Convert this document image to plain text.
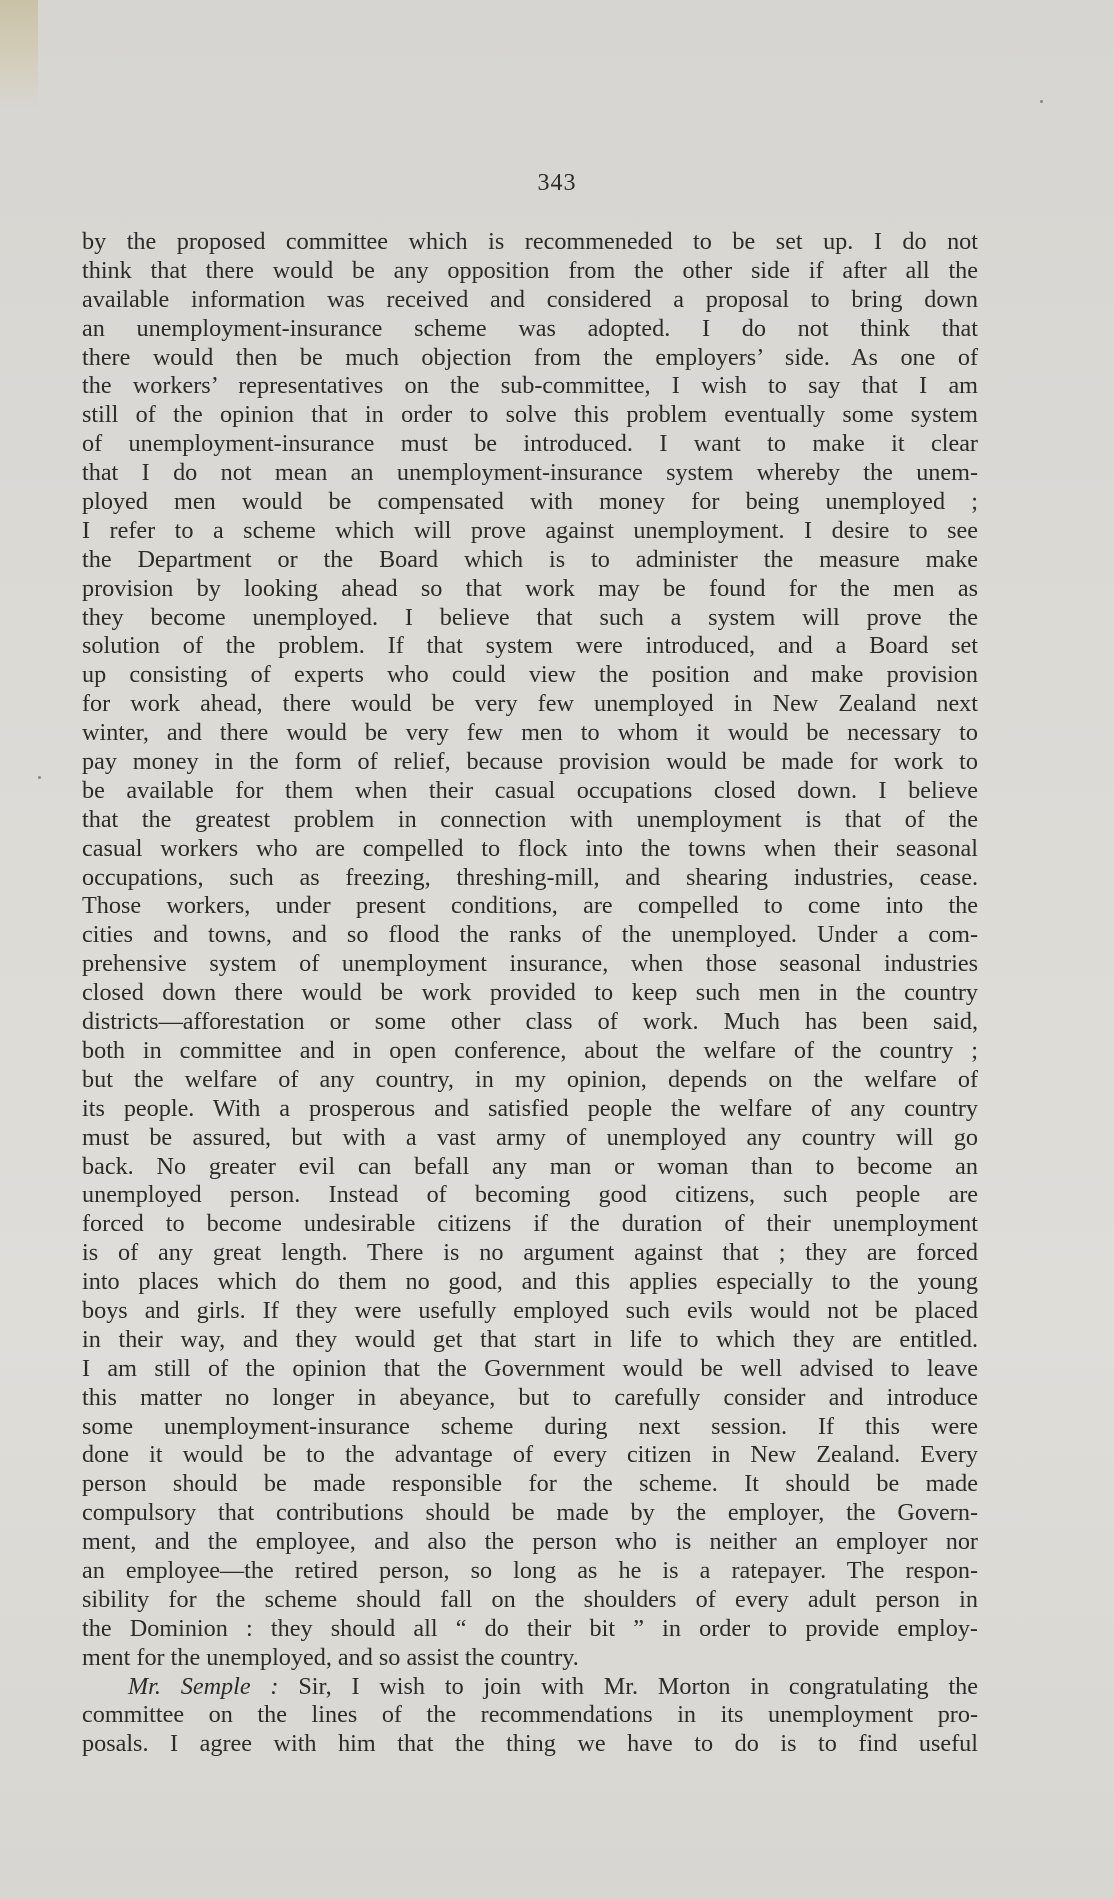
343
by the proposed committee which is recommeneded to be set up. I do not
think that there would be any opposition from the other side if after all the
available information was received and considered a proposal to bring down
an unemployment-insurance scheme was adopted. I do not think that
there would then be much objection from the employers’ side. As one of
the workers’ representatives on the sub-committee, I wish to say that I am
still of the opinion that in order to solve this problem eventually some system
of unemployment-insurance must be introduced. I want to make it clear
that I do not mean an unemployment-insurance system whereby the unem-
ployed men would be compensated with money for being unemployed ;
I refer to a scheme which will prove against unemployment. I desire to see
the Department or the Board which is to administer the measure make
provision by looking ahead so that work may be found for the men as
they become unemployed. I believe that such a system will prove the
solution of the problem. If that system were introduced, and a Board set
up consisting of experts who could view the position and make provision
for work ahead, there would be very few unemployed in New Zealand next
winter, and there would be very few men to whom it would be necessary to
pay money in the form of relief, because provision would be made for work to
be available for them when their casual occupations closed down. I believe
that the greatest problem in connection with unemployment is that of the
casual workers who are compelled to flock into the towns when their seasonal
occupations, such as freezing, threshing-mill, and shearing industries, cease.
Those workers, under present conditions, are compelled to come into the
cities and towns, and so flood the ranks of the unemployed. Under a com-
prehensive system of unemployment insurance, when those seasonal industries
closed down there would be work provided to keep such men in the country
districts—afforestation or some other class of work. Much has been said,
both in committee and in open conference, about the welfare of the country ;
but the welfare of any country, in my opinion, depends on the welfare of
its people. With a prosperous and satisfied people the welfare of any country
must be assured, but with a vast army of unemployed any country will go
back. No greater evil can befall any man or woman than to become an
unemployed person. Instead of becoming good citizens, such people are
forced to become undesirable citizens if the duration of their unemployment
is of any great length. There is no argument against that ; they are forced
into places which do them no good, and this applies especially to the young
boys and girls. If they were usefully employed such evils would not be placed
in their way, and they would get that start in life to which they are entitled.
I am still of the opinion that the Government would be well advised to leave
this matter no longer in abeyance, but to carefully consider and introduce
some unemployment-insurance scheme during next session. If this were
done it would be to the advantage of every citizen in New Zealand. Every
person should be made responsible for the scheme. It should be made
compulsory that contributions should be made by the employer, the Govern-
ment, and the employee, and also the person who is neither an employer nor
an employee—the retired person, so long as he is a ratepayer. The respon-
sibility for the scheme should fall on the shoulders of every adult person in
the Dominion : they should all “ do their bit ” in order to provide employ-
ment for the unemployed, and so assist the country.
Mr. Semple : Sir, I wish to join with Mr. Morton in congratulating the
committee on the lines of the recommendations in its unemployment pro-
posals. I agree with him that the thing we have to do is to find useful
